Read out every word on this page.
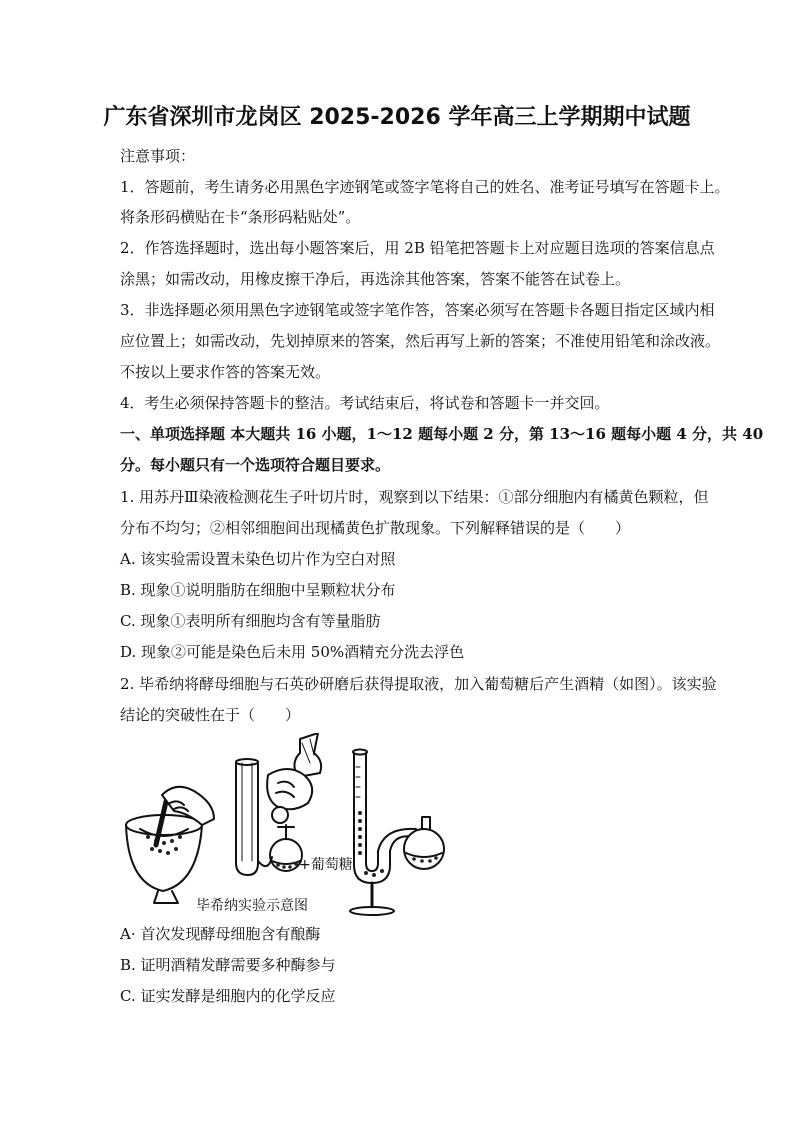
广东省深圳市龙岗区 2025-2026 学年高三上学期期中试题
注意事项：
1．答题前，考生请务必用黑色字迹钢笔或签字笔将自己的姓名、准考证号填写在答题卡上。
将条形码横贴在卡“条形码粘贴处”。
2．作答选择题时，选出每小题答案后，用 2B 铅笔把答题卡上对应题目选项的答案信息点
涂黑；如需改动，用橡皮擦干净后，再选涂其他答案，答案不能答在试卷上。
3．非选择题必须用黑色字迹钢笔或签字笔作答，答案必须写在答题卡各题目指定区域内相
应位置上；如需改动，先划掉原来的答案，然后再写上新的答案；不准使用铅笔和涂改液。
不按以上要求作答的答案无效。
4．考生必须保持答题卡的整洁。考试结束后，将试卷和答题卡一并交回。
一、单项选择题 本大题共 16 小题，1～12 题每小题 2 分，第 13～16 题每小题 4 分，共 40
分。每小题只有一个选项符合题目要求。
1. 用苏丹Ⅲ染液检测花生子叶切片时，观察到以下结果：①部分细胞内有橘黄色颗粒，但
分布不均匀；②相邻细胞间出现橘黄色扩散现象。下列解释错误的是（　　）
A. 该实验需设置未染色切片作为空白对照
B. 现象①说明脂肪在细胞中呈颗粒状分布
C. 现象①表明所有细胞均含有等量脂肪
D. 现象②可能是染色后未用 50%酒精充分洗去浮色
2. 毕希纳将酵母细胞与石英砂研磨后获得提取液，加入葡萄糖后产生酒精（如图）。该实验
结论的突破性在于（　　）
+葡萄糖
毕希纳实验示意图
A· 首次发现酵母细胞含有酿酶
B. 证明酒精发酵需要多种酶参与
C. 证实发酵是细胞内的化学反应
